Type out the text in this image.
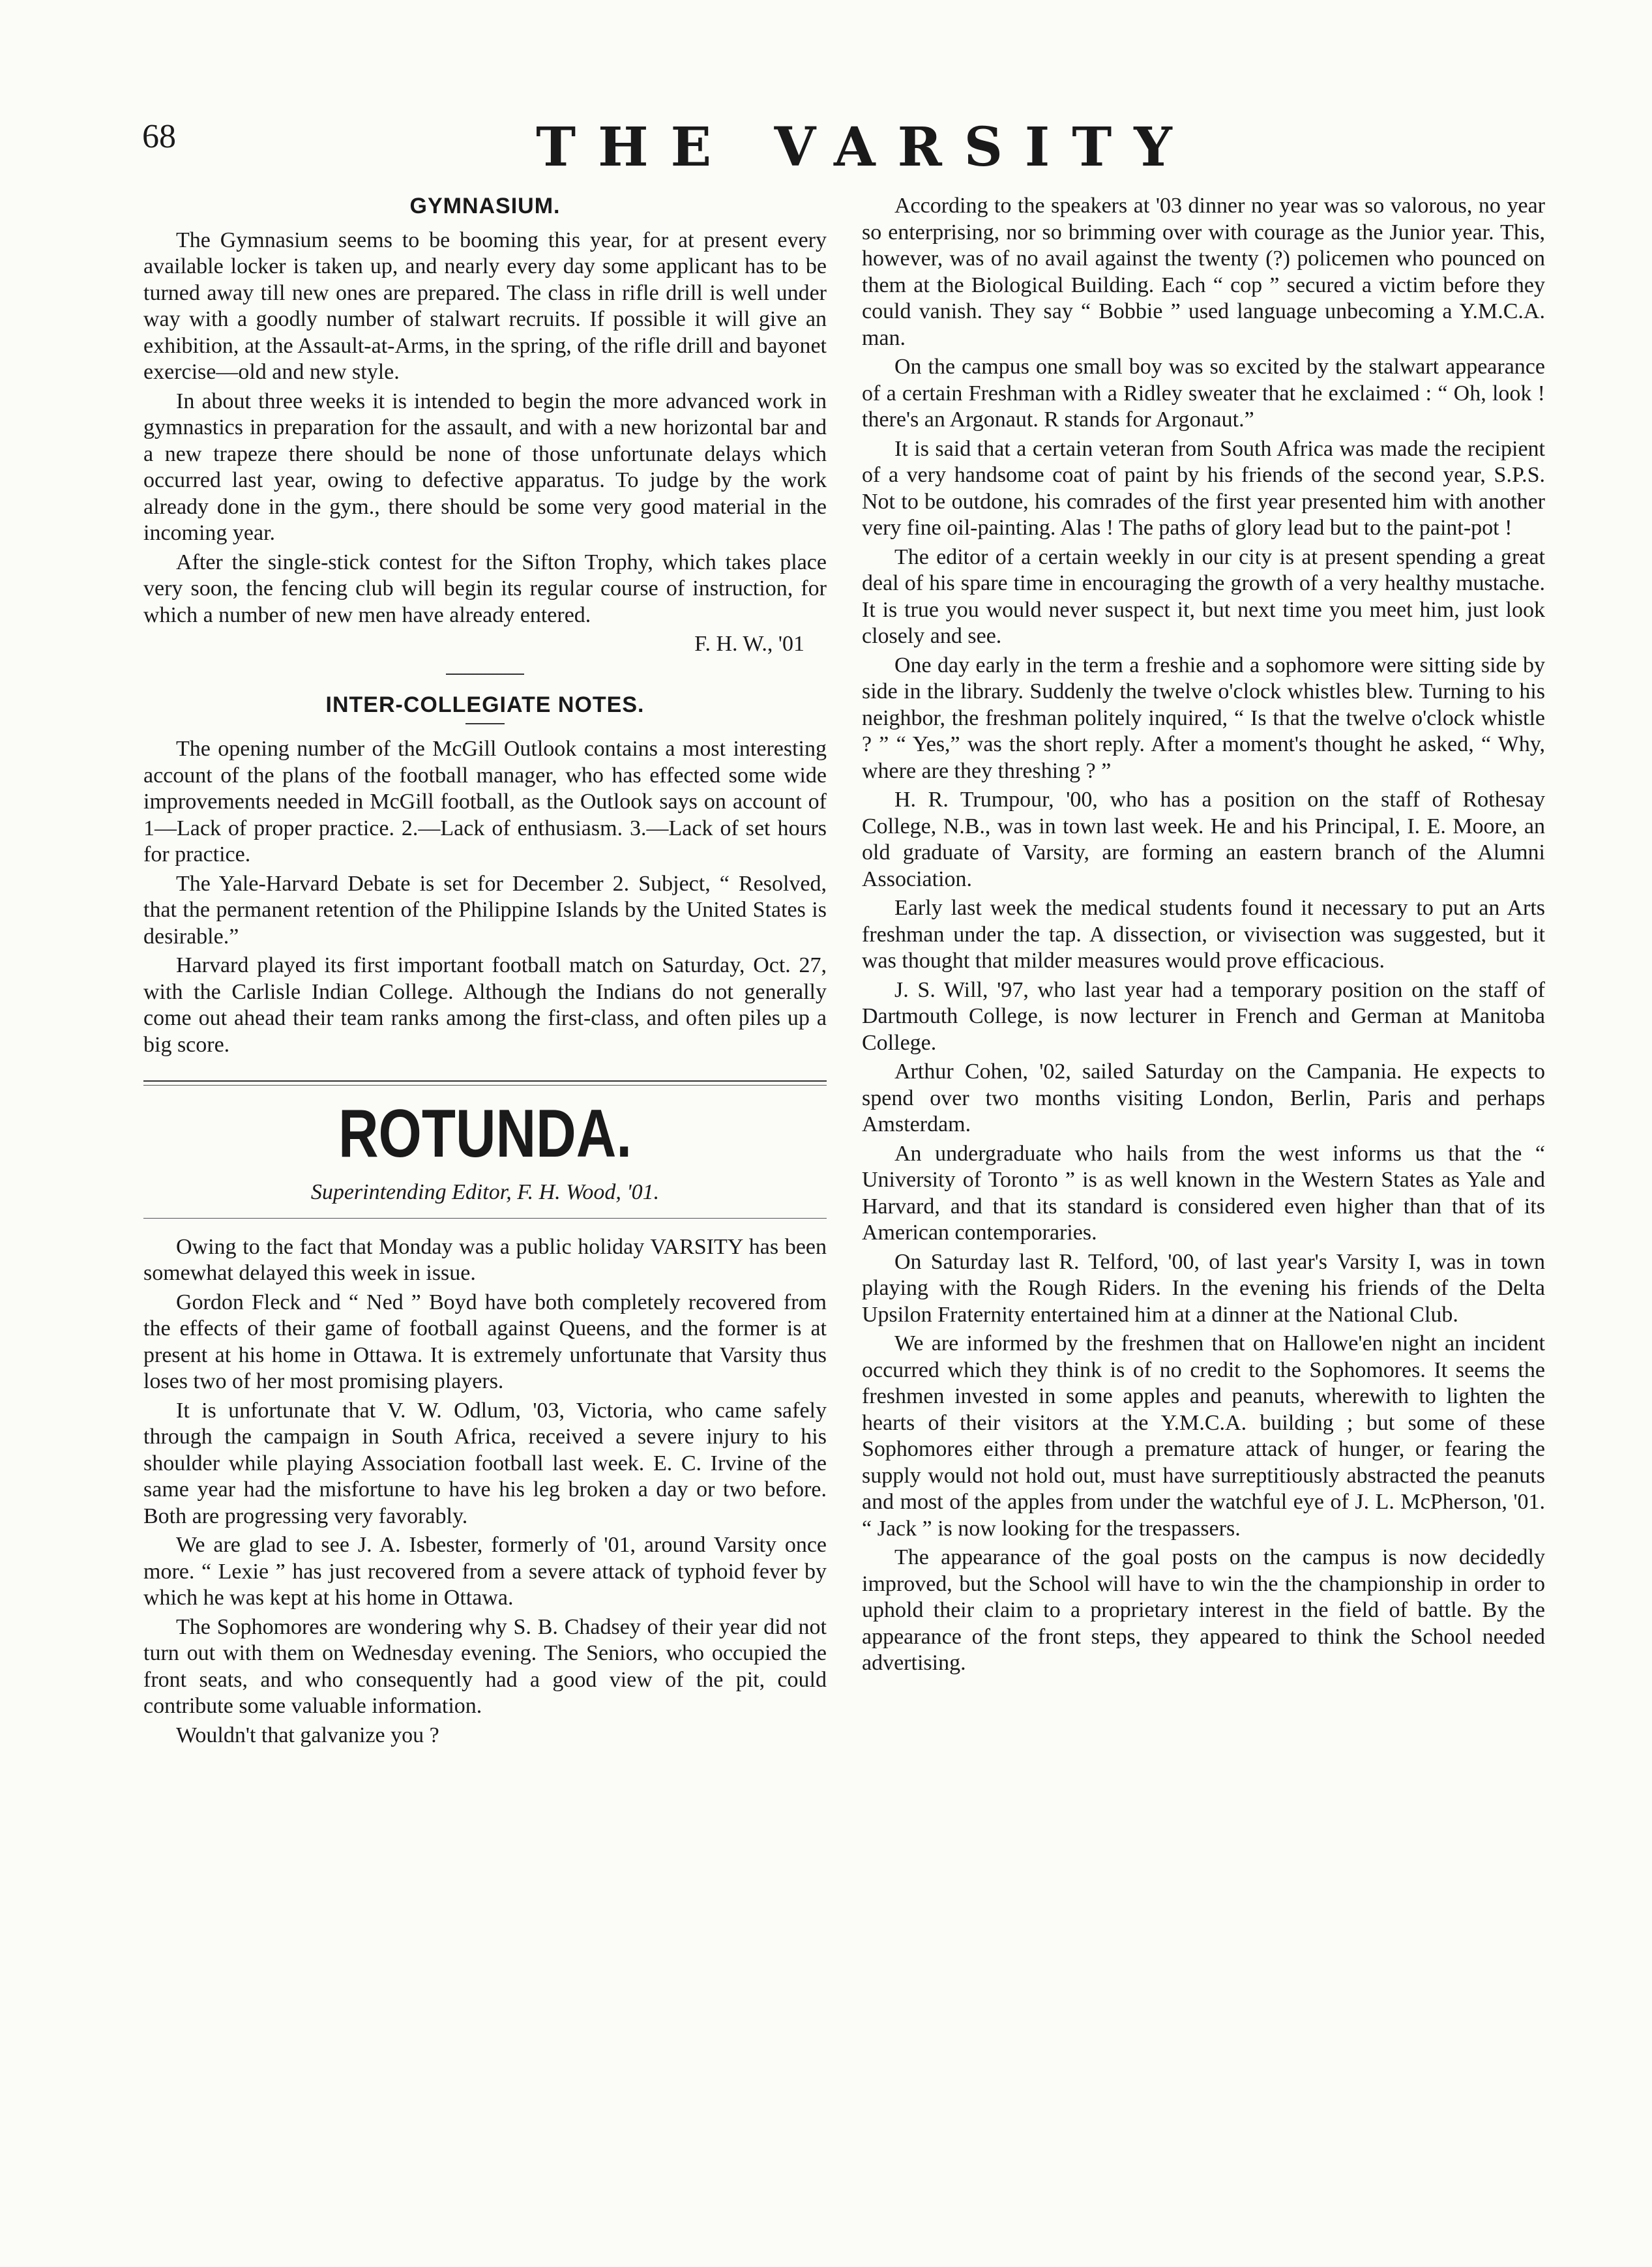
68	THE VARSITY
GYMNASIUM.

The Gymnasium seems to be booming this year, for at present every available locker is taken up, and nearly every day some applicant has to be turned away till new ones are prepared. The class in rifle drill is well under way with a goodly number of stalwart recruits. If possible it will give an exhibition, at the Assault-at-Arms, in the spring, of the rifle drill and bayonet exercise—old and new style.

In about three weeks it is intended to begin the more advanced work in gymnastics in preparation for the assault, and with a new horizontal bar and a new trapeze there should be none of those unfortunate delays which occurred last year, owing to defective apparatus. To judge by the work already done in the gym., there should be some very good material in the incoming year.

After the single-stick contest for the Sifton Trophy, which takes place very soon, the fencing club will begin its regular course of instruction, for which a number of new men have already entered.

F. H. W., '01

INTER-COLLEGIATE NOTES.

The opening number of the McGill Outlook contains a most interesting account of the plans of the football manager, who has effected some wide improvements needed in McGill football, as the Outlook says on account of 1—Lack of proper practice. 2.—Lack of enthusiasm. 3.—Lack of set hours for practice.

The Yale-Harvard Debate is set for December 2. Subject, “ Resolved, that the permanent retention of the Philippine Islands by the United States is desirable.”

Harvard played its first important football match on Saturday, Oct. 27, with the Carlisle Indian College. Although the Indians do not generally come out ahead their team ranks among the first-class, and often piles up a big score.

ROTUNDA.
Superintending Editor, F. H. Wood, '01.

Owing to the fact that Monday was a public holiday VARSITY has been somewhat delayed this week in issue.

Gordon Fleck and “ Ned ” Boyd have both completely recovered from the effects of their game of football against Queens, and the former is at present at his home in Ottawa. It is extremely unfortunate that Varsity thus loses two of her most promising players.

It is unfortunate that V. W. Odlum, '03, Victoria, who came safely through the campaign in South Africa, received a severe injury to his shoulder while playing Association football last week. E. C. Irvine of the same year had the misfortune to have his leg broken a day or two before. Both are progressing very favorably.

We are glad to see J. A. Isbester, formerly of '01, around Varsity once more. “ Lexie ” has just recovered from a severe attack of typhoid fever by which he was kept at his home in Ottawa.

The Sophomores are wondering why S. B. Chadsey of their year did not turn out with them on Wednesday evening. The Seniors, who occupied the front seats, and who consequently had a good view of the pit, could contribute some valuable information.

Wouldn't that galvanize you ?

According to the speakers at '03 dinner no year was so valorous, no year so enterprising, nor so brimming over with courage as the Junior year. This, however, was of no avail against the twenty (?) policemen who pounced on them at the Biological Building. Each “ cop ” secured a victim before they could vanish. They say “ Bobbie ” used language unbecoming a Y.M.C.A. man.

On the campus one small boy was so excited by the stalwart appearance of a certain Freshman with a Ridley sweater that he exclaimed : “ Oh, look ! there's an Argonaut. R stands for Argonaut.”

It is said that a certain veteran from South Africa was made the recipient of a very handsome coat of paint by his friends of the second year, S.P.S. Not to be outdone, his comrades of the first year presented him with another very fine oil-painting. Alas ! The paths of glory lead but to the paint-pot !

The editor of a certain weekly in our city is at present spending a great deal of his spare time in encouraging the growth of a very healthy mustache. It is true you would never suspect it, but next time you meet him, just look closely and see.

One day early in the term a freshie and a sophomore were sitting side by side in the library. Suddenly the twelve o'clock whistles blew. Turning to his neighbor, the freshman politely inquired, “ Is that the twelve o'clock whistle ? ” “ Yes,” was the short reply. After a moment's thought he asked, “ Why, where are they threshing ? ”

H. R. Trumpour, '00, who has a position on the staff of Rothesay College, N.B., was in town last week. He and his Principal, I. E. Moore, an old graduate of Varsity, are forming an eastern branch of the Alumni Association.

Early last week the medical students found it necessary to put an Arts freshman under the tap. A dissection, or vivisection was suggested, but it was thought that milder measures would prove efficacious.

J. S. Will, '97, who last year had a temporary position on the staff of Dartmouth College, is now lecturer in French and German at Manitoba College.

Arthur Cohen, '02, sailed Saturday on the Campania. He expects to spend over two months visiting London, Berlin, Paris and perhaps Amsterdam.

An undergraduate who hails from the west informs us that the “ University of Toronto ” is as well known in the Western States as Yale and Harvard, and that its standard is considered even higher than that of its American contemporaries.

On Saturday last R. Telford, '00, of last year's Varsity I, was in town playing with the Rough Riders. In the evening his friends of the Delta Upsilon Fraternity entertained him at a dinner at the National Club.

We are informed by the freshmen that on Hallowe'en night an incident occurred which they think is of no credit to the Sophomores. It seems the freshmen invested in some apples and peanuts, wherewith to lighten the hearts of their visitors at the Y.M.C.A. building ; but some of these Sophomores either through a premature attack of hunger, or fearing the supply would not hold out, must have surreptitiously abstracted the peanuts and most of the apples from under the watchful eye of J. L. McPherson, '01. “ Jack ” is now looking for the trespassers.

The appearance of the goal posts on the campus is now decidedly improved, but the School will have to win the the championship in order to uphold their claim to a proprietary interest in the field of battle. By the appearance of the front steps, they appeared to think the School needed advertising.
